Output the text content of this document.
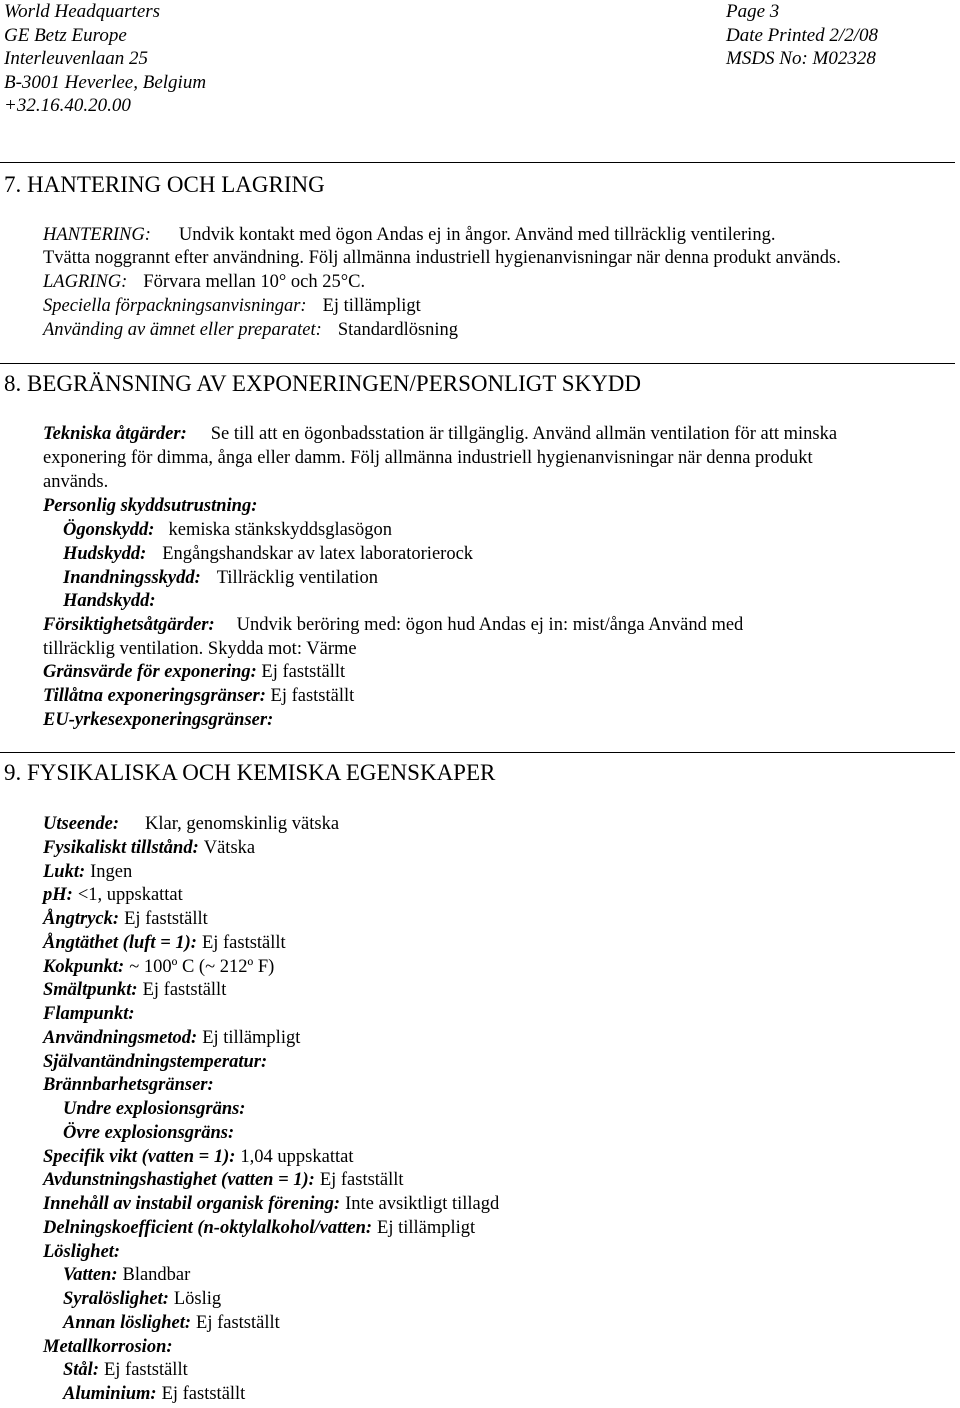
World Headquarters
GE Betz Europe
Interleuvenlaan 25
B-3001 Heverlee, Belgium
+32.16.40.20.00
Page 3
Date Printed 2/2/08
MSDS No: M02328
7. HANTERING OCH LAGRING
HANTERING: Undvik kontakt med ögon Andas ej in ångor. Använd med tillräcklig ventilering.
Tvätta noggrannt efter användning. Följ allmänna industriell hygienanvisningar när denna produkt används.
LAGRING: Förvara mellan 10° och 25°C.
Speciella förpackningsanvisningar: Ej tillämpligt
Använding av ämnet eller preparatet: Standardlösning
8. BEGRÄNSNING AV EXPONERINGEN/PERSONLIGT SKYDD
Tekniska åtgärder: Se till att en ögonbadsstation är tillgänglig. Använd allmän ventilation för att minska
exponering för dimma, ånga eller damm. Följ allmänna industriell hygienanvisningar när denna produkt
används.
Personlig skyddsutrustning:
Ögonskydd: kemiska stänkskyddsglasögon
Hudskydd: Engångshandskar av latex laboratorierock
Inandningsskydd: Tillräcklig ventilation
Handskydd:
Försiktighetsåtgärder: Undvik beröring med: ögon hud Andas ej in: mist/ånga Använd med
tillräcklig ventilation. Skydda mot: Värme
Gränsvärde för exponering: Ej fastställt
Tillåtna exponeringsgränser: Ej fastställt
EU-yrkesexponeringsgränser:
9. FYSIKALISKA OCH KEMISKA EGENSKAPER
Utseende: Klar, genomskinlig vätska
Fysikaliskt tillstånd: Vätska
Lukt: Ingen
pH: <1, uppskattat
Ångtryck: Ej fastställt
Ångtäthet (luft = 1): Ej fastställt
Kokpunkt: ~ 100º C (~ 212º F)
Smältpunkt: Ej fastställt
Flampunkt:
Användningsmetod: Ej tillämpligt
Självantändningstemperatur:
Brännbarhetsgränser:
Undre explosionsgräns:
Övre explosionsgräns:
Specifik vikt (vatten = 1): 1,04 uppskattat
Avdunstningshastighet (vatten = 1): Ej fastställt
Innehåll av instabil organisk förening: Inte avsiktligt tillagd
Delningskoefficient (n-oktylalkohol/vatten: Ej tillämpligt
Löslighet:
Vatten: Blandbar
Syralöslighet: Löslig
Annan löslighet: Ej fastställt
Metallkorrosion:
Stål: Ej fastställt
Aluminium: Ej fastställt
